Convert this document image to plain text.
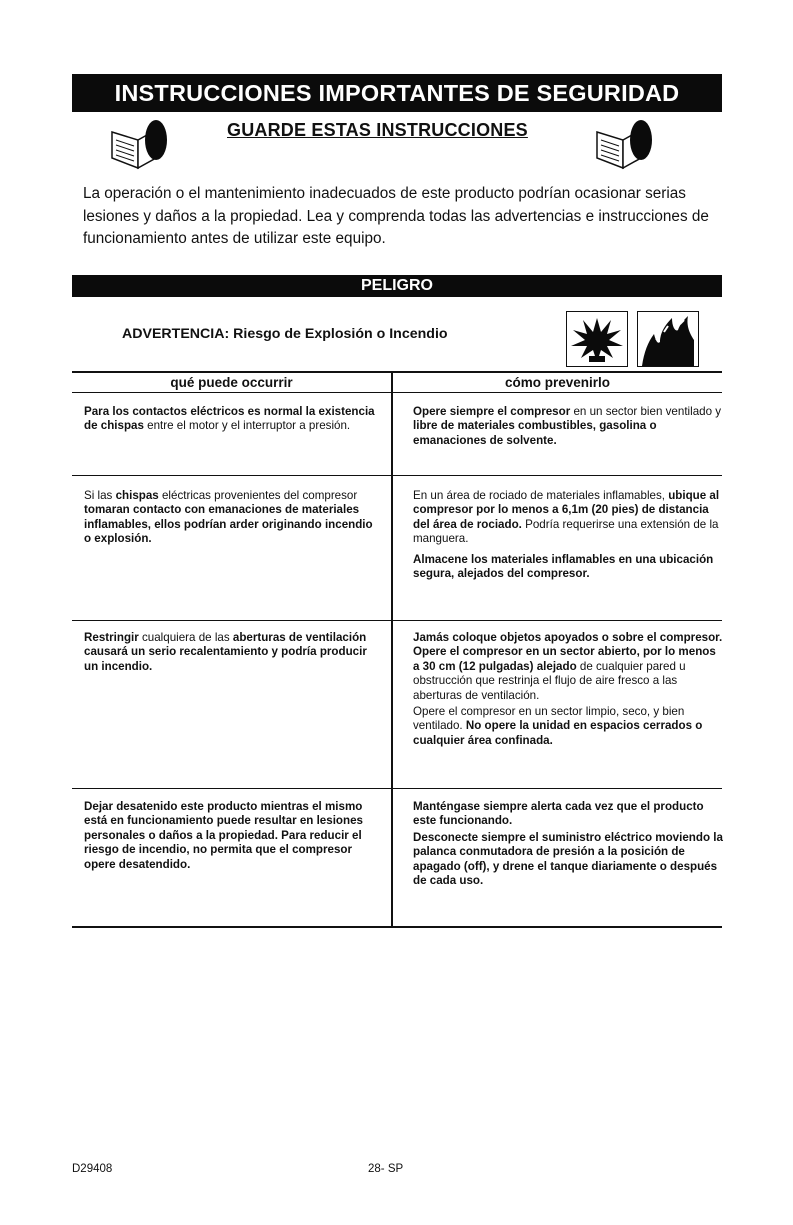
INSTRUCCIONES IMPORTANTES DE SEGURIDAD
GUARDE ESTAS INSTRUCCIONES

La operación o el mantenimiento inadecuados de este producto podrían ocasionar serias lesiones y daños a la propiedad. Lea y comprenda todas las advertencias e instrucciones de funcionamiento antes de utilizar este equipo.

PELIGRO
ADVERTENCIA: Riesgo de Explosión o Incendio
qué puede occurrir	cómo prevenirlo

Para los contactos eléctricos es normal la existencia de chispas entre el motor y el interruptor a presión.

Opere siempre el compresor en un sector bien ventilado y libre de materiales combustibles, gasolina o emanaciones de solvente.

Si las chispas eléctricas provenientes del compresor tomaran contacto con emanaciones de materiales inflamables, ellos podrían arder originando incendio o explosión.

En un área de rociado de materiales inflamables, ubique al compresor por lo menos a 6,1m (20 pies) de distancia del área de rociado. Podría requerirse una extensión de la manguera.

Almacene los materiales inflamables en una ubicación segura, alejados del compresor.

Restringir cualquiera de las aberturas de ventilación causará un serio recalentamiento y podría producir un incendio.

Jamás coloque objetos apoyados o sobre el compresor. Opere el compresor en un sector abierto, por lo menos a 30 cm (12 pulgadas) alejado de cualquier pared u obstrucción que restrinja el flujo de aire fresco a las aberturas de ventilación.

Opere el compresor en un sector limpio, seco, y bien ventilado. No opere la unidad en espacios cerrados o cualquier área confinada.

Dejar desatenido este producto mientras el mismo está en funcionamiento puede resultar en lesiones personales o daños a la propiedad. Para reducir el riesgo de incendio, no permita que el compresor opere desatendido.

Manténgase siempre alerta cada vez que el producto este funcionando.

Desconecte siempre el suministro eléctrico moviendo la palanca conmutadora de presión a la posición de apagado (off), y drene el tanque diariamente o después de cada uso.

D29408	28- SP
